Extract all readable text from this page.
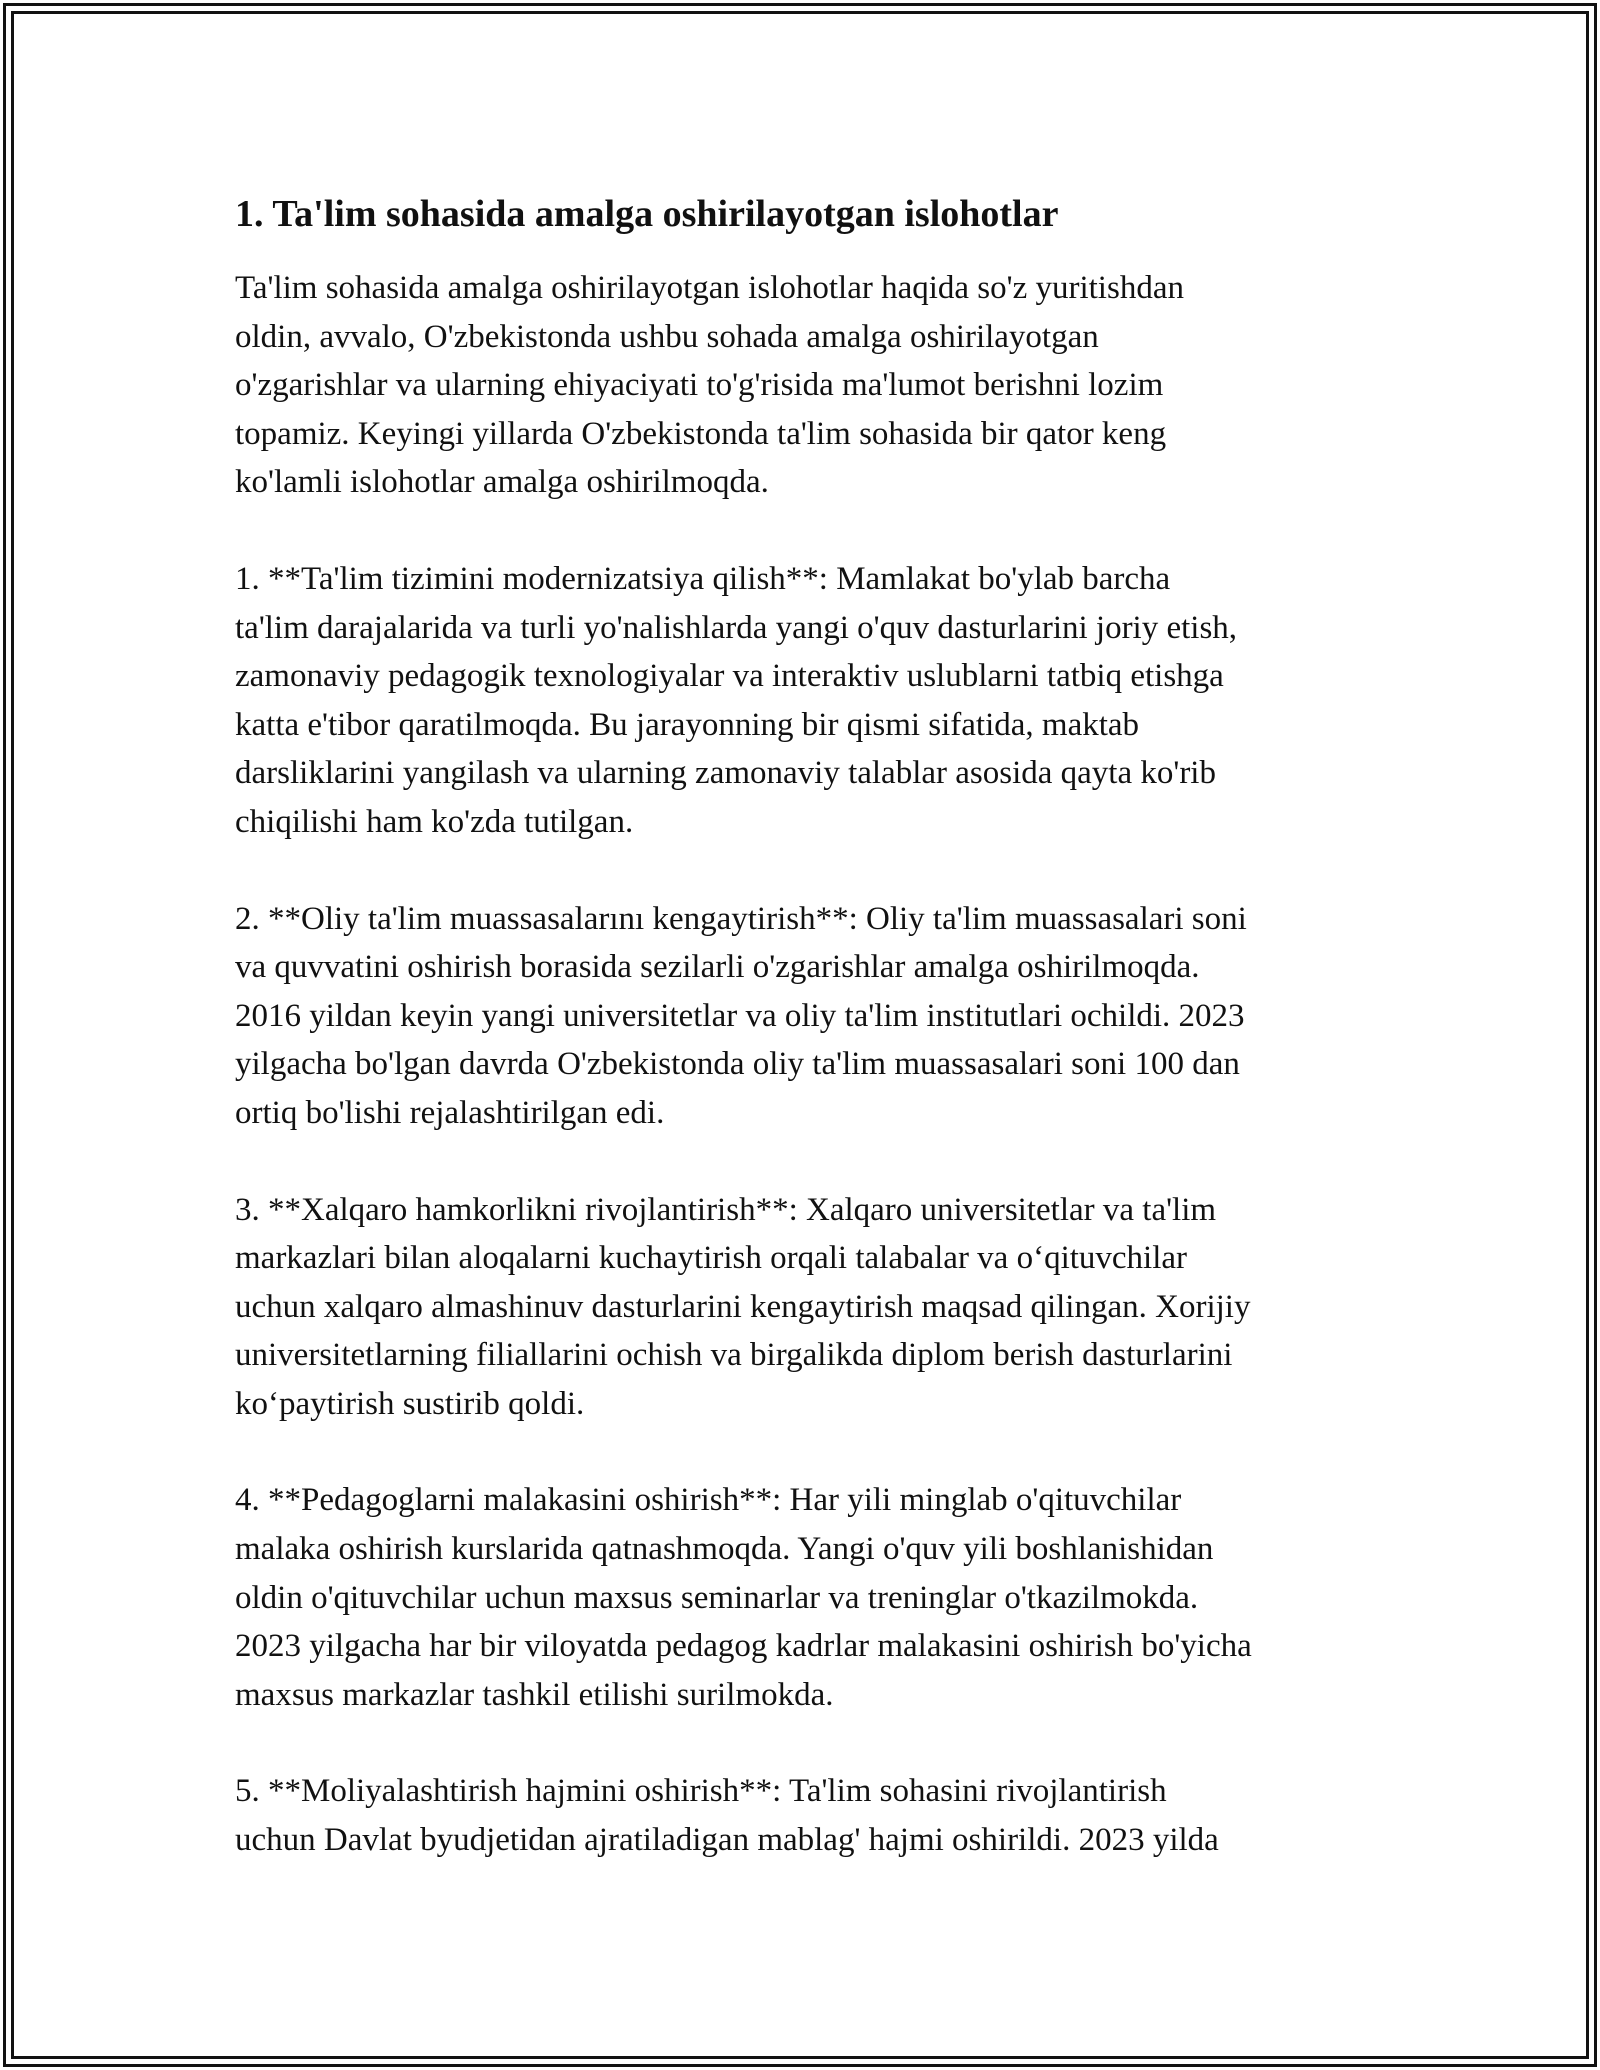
1. Ta'lim sohasida amalga oshirilayotgan islohotlar

Ta'lim sohasida amalga oshirilayotgan islohotlar haqida so'z yuritishdan
oldin, avvalo, O'zbekistonda ushbu sohada amalga oshirilayotgan
o'zgarishlar va ularning ehiyaciyati to'g'risida ma'lumot berishni lozim
topamiz. Keyingi yillarda O'zbekistonda ta'lim sohasida bir qator keng
ko'lamli islohotlar amalga oshirilmoqda.

1. **Ta'lim tizimini modernizatsiya qilish**: Mamlakat bo'ylab barcha
ta'lim darajalarida va turli yo'nalishlarda yangi o'quv dasturlarini joriy etish,
zamonaviy pedagogik texnologiyalar va interaktiv uslublarni tatbiq etishga
katta e'tibor qaratilmoqda. Bu jarayonning bir qismi sifatida, maktab
darsliklarini yangilash va ularning zamonaviy talablar asosida qayta ko'rib
chiqilishi ham ko'zda tutilgan.

2. **Oliy ta'lim muassasalarını kengaytirish**: Oliy ta'lim muassasalari soni
va quvvatini oshirish borasida sezilarli o'zgarishlar amalga oshirilmoqda.
2016 yildan keyin yangi universitetlar va oliy ta'lim institutlari ochildi. 2023
yilgacha bo'lgan davrda O'zbekistonda oliy ta'lim muassasalari soni 100 dan
ortiq bo'lishi rejalashtirilgan edi.

3. **Xalqaro hamkorlikni rivojlantirish**: Xalqaro universitetlar va ta'lim
markazlari bilan aloqalarni kuchaytirish orqali talabalar va o‘qituvchilar
uchun xalqaro almashinuv dasturlarini kengaytirish maqsad qilingan. Xorijiy
universitetlarning filiallarini ochish va birgalikda diplom berish dasturlarini
ko‘paytirish sustirib qoldi.

4. **Pedagoglarni malakasini oshirish**: Har yili minglab o'qituvchilar
malaka oshirish kurslarida qatnashmoqda. Yangi o'quv yili boshlanishidan
oldin o'qituvchilar uchun maxsus seminarlar va treninglar o'tkazilmokda.
2023 yilgacha har bir viloyatda pedagog kadrlar malakasini oshirish bo'yicha
maxsus markazlar tashkil etilishi surilmokda.

5. **Moliyalashtirish hajmini oshirish**: Ta'lim sohasini rivojlantirish
uchun Davlat byudjetidan ajratiladigan mablag' hajmi oshirildi. 2023 yilda
